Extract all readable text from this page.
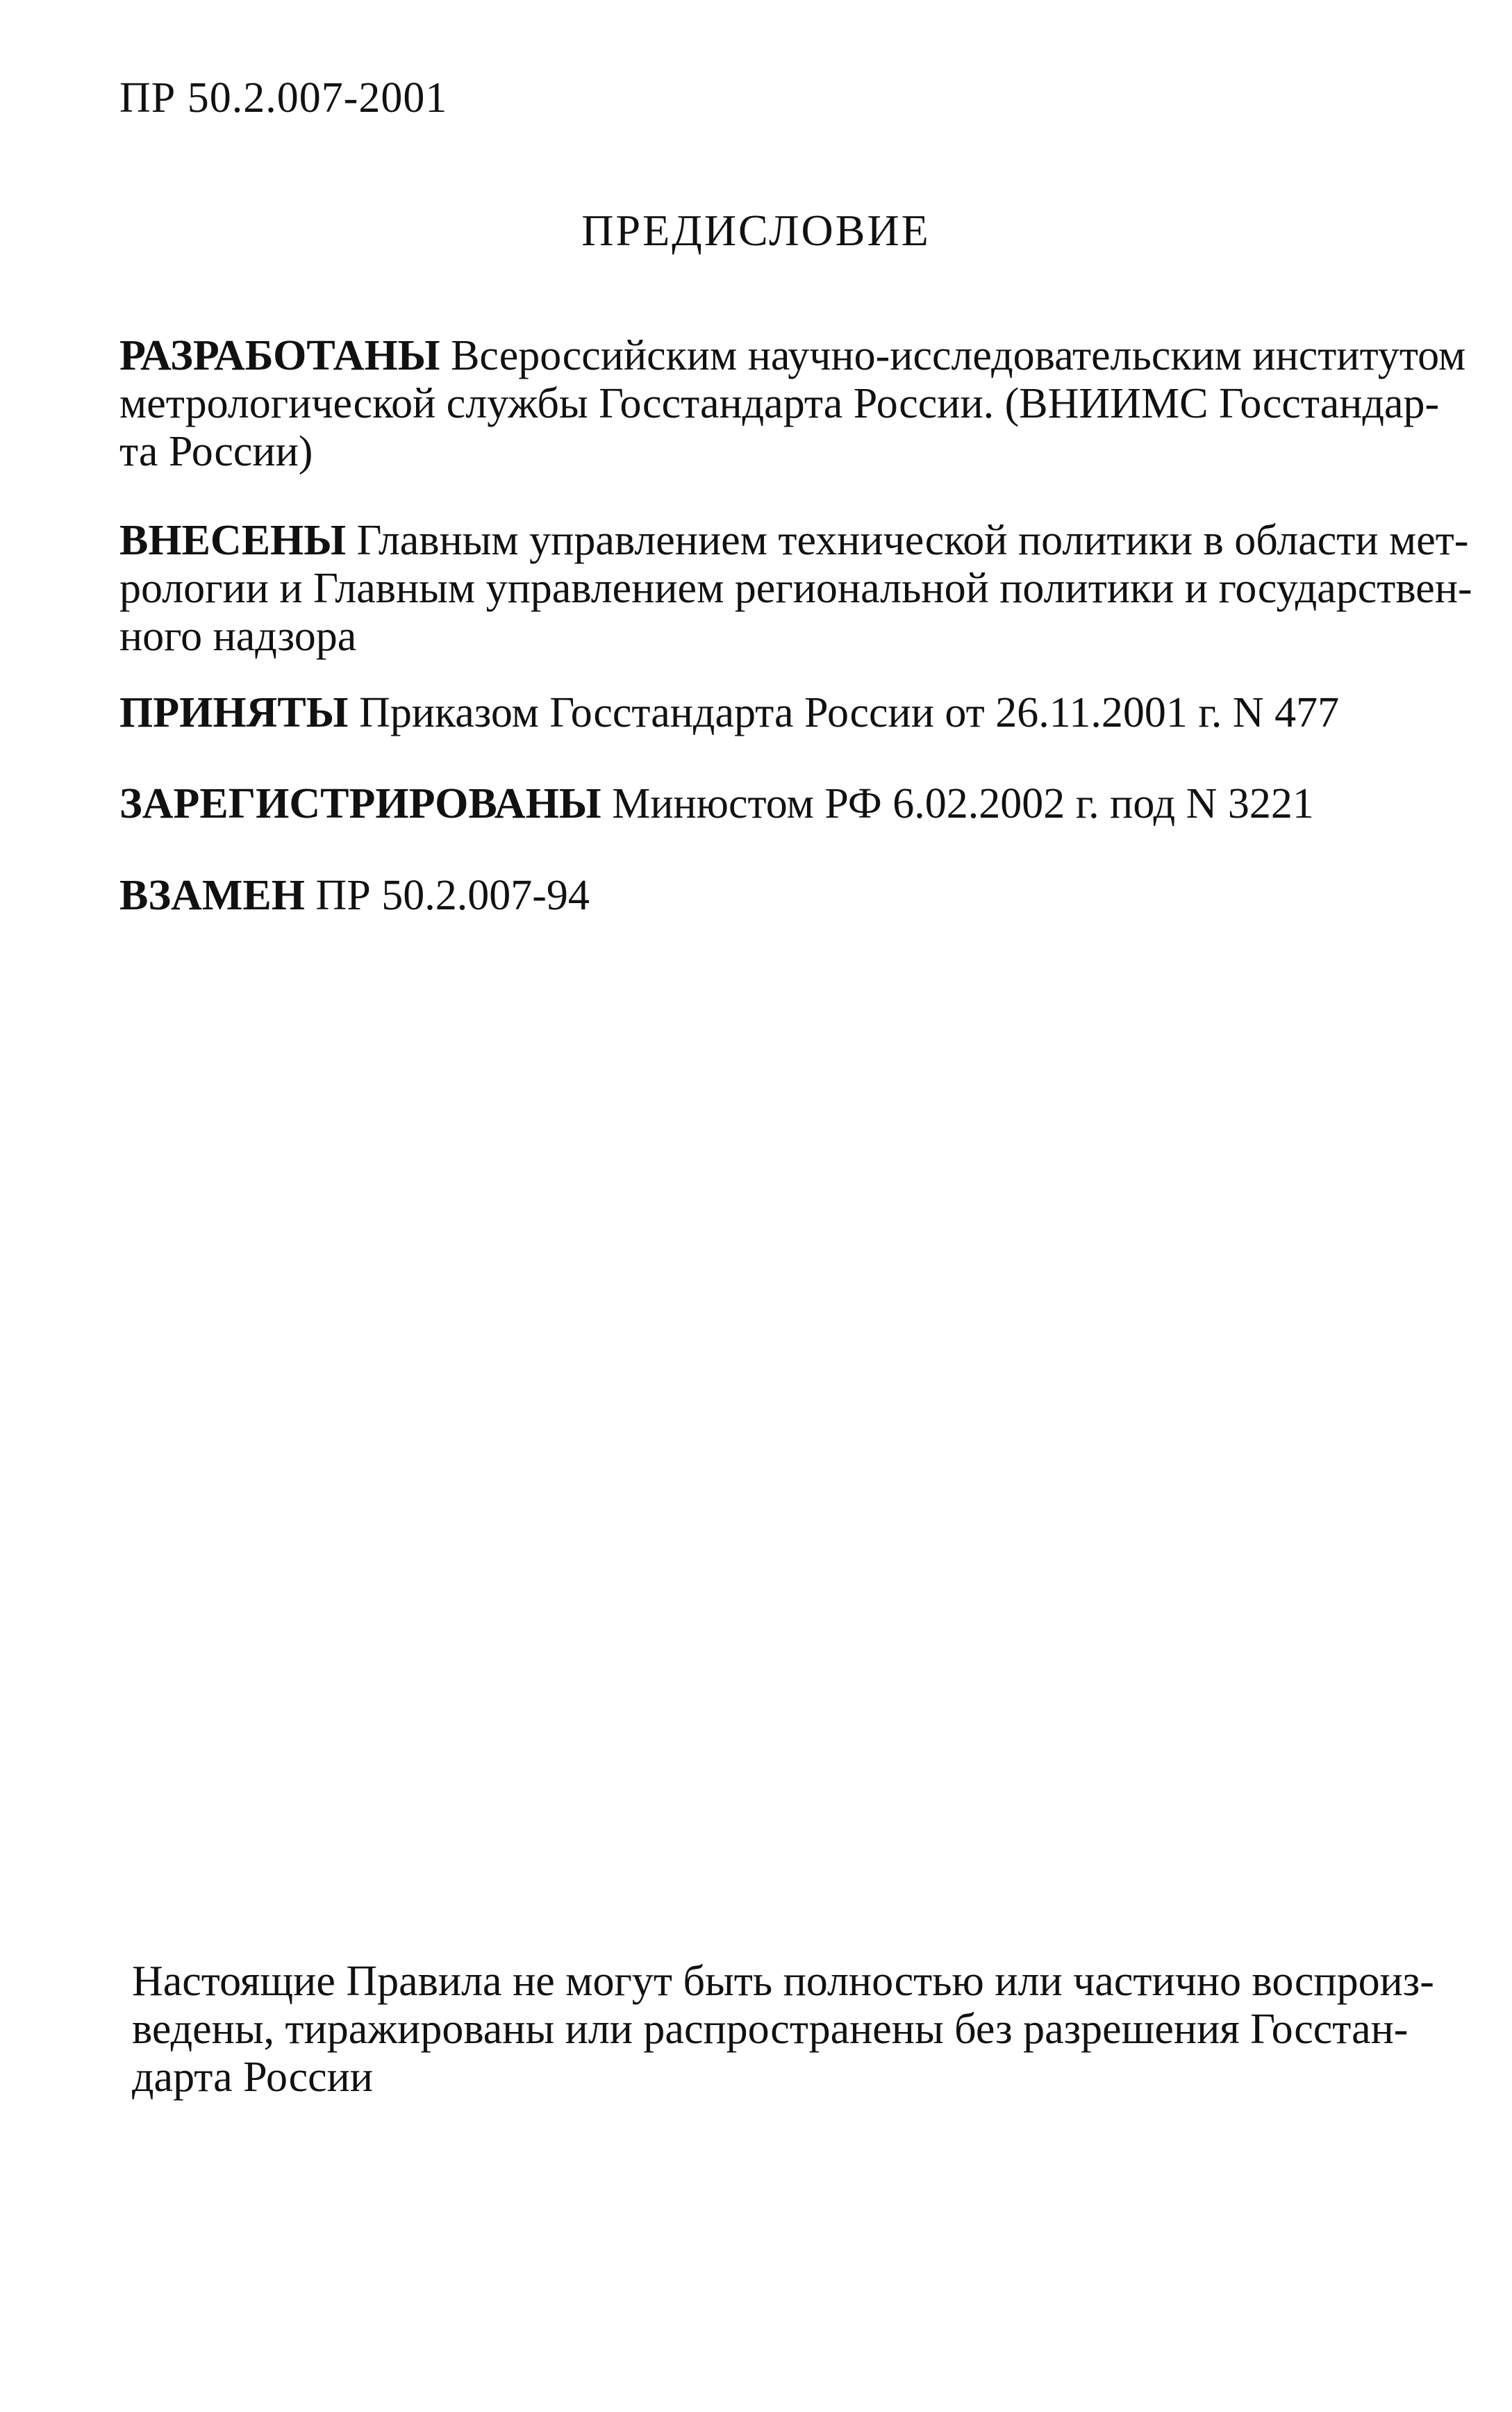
ПР 50.2.007-2001
ПРЕДИСЛОВИЕ
РАЗРАБОТАНЫ Всероссийским научно-исследовательским институтом
метрологической службы Госстандарта России. (ВНИИМС Госстандар-
та России)
ВНЕСЕНЫ Главным управлением технической политики в области мет-
рологии и Главным управлением региональной политики и государствен-
ного надзора
ПРИНЯТЫ Приказом Госстандарта России от 26.11.2001 г. N 477
ЗАРЕГИСТРИРОВАНЫ Минюстом РФ 6.02.2002 г. под N 3221
ВЗАМЕН ПР 50.2.007-94
Настоящие Правила не могут быть полностью или частично воспроиз-
ведены, тиражированы или распространены без разрешения Госстан-
дарта России
